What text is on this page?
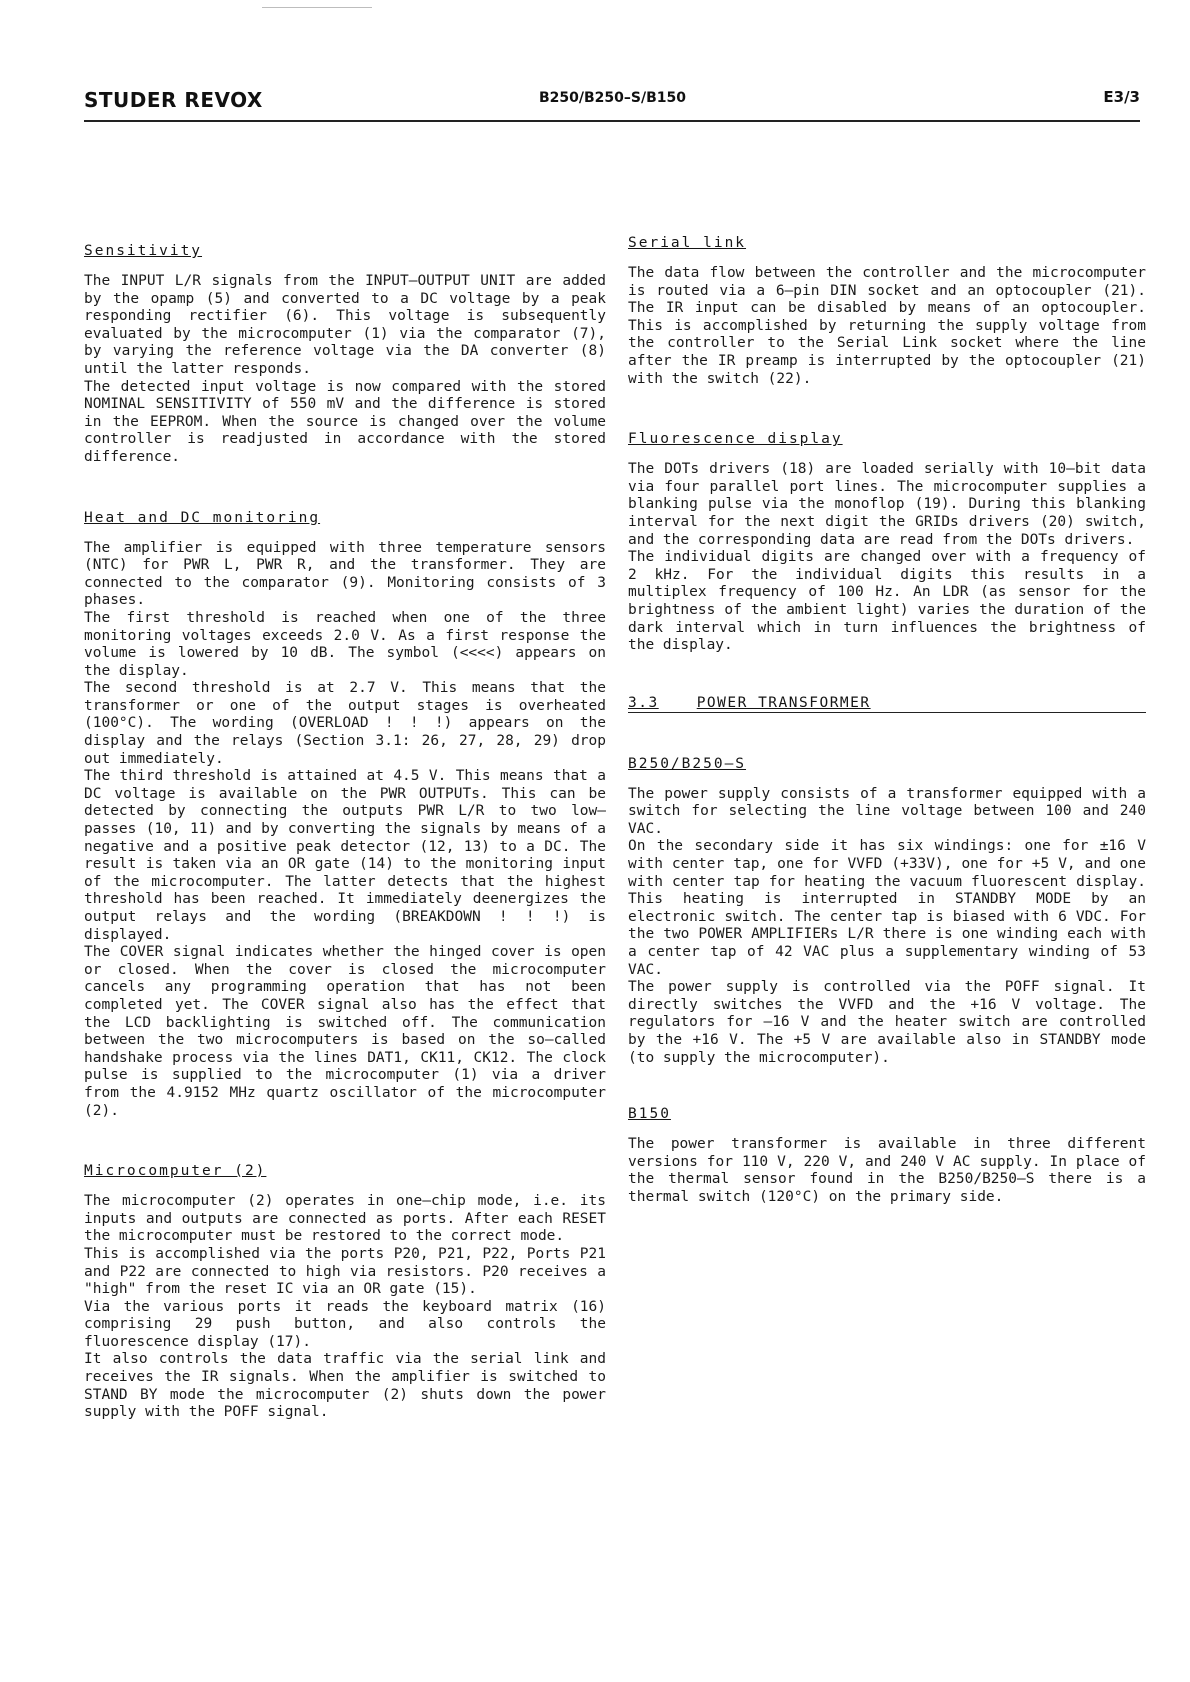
STUDER REVOX	B250/B250–S/B150	E3/3
Sensitivity

The INPUT L/R signals from the INPUT–OUTPUT UNIT are added by the opamp (5) and converted to a DC voltage by a peak responding rectifier (6). This voltage is subsequently evaluated by the microcomputer (1) via the comparator (7), by varying the reference voltage via the DA converter (8) until the latter responds.

The detected input voltage is now compared with the stored NOMINAL SENSITIVITY of 550 mV and the difference is stored in the EEPROM. When the source is changed over the volume controller is readjusted in accordance with the stored difference.

Heat and DC monitoring

The amplifier is equipped with three temperature sensors (NTC) for PWR L, PWR R, and the transformer. They are connected to the comparator (9). Monitoring consists of 3 phases.

The first threshold is reached when one of the three monitoring voltages exceeds 2.0 V. As a first response the volume is lowered by 10 dB. The symbol (<<<<) appears on the display.

The second threshold is at 2.7 V. This means that the transformer or one of the output stages is overheated (100°C). The wording (OVERLOAD ! ! !) appears on the display and the relays (Section 3.1: 26, 27, 28, 29) drop out immediately.

The third threshold is attained at 4.5 V. This means that a DC voltage is available on the PWR OUTPUTs. This can be detected by connecting the outputs PWR L/R to two low–passes (10, 11) and by converting the signals by means of a negative and a positive peak detector (12, 13) to a DC. The result is taken via an OR gate (14) to the monitoring input of the microcomputer. The latter detects that the highest threshold has been reached. It immediately deenergizes the output relays and the wording (BREAKDOWN ! ! !) is displayed.

The COVER signal indicates whether the hinged cover is open or closed. When the cover is closed the microcomputer cancels any programming operation that has not been completed yet. The COVER signal also has the effect that the LCD backlighting is switched off. The communication between the two microcomputers is based on the so–called handshake process via the lines DAT1, CK11, CK12. The clock pulse is supplied to the microcomputer (1) via a driver from the 4.9152 MHz quartz oscillator of the microcomputer (2).

Microcomputer (2)

The microcomputer (2) operates in one–chip mode, i.e. its inputs and outputs are connected as ports. After each RESET the microcomputer must be restored to the correct mode.

This is accomplished via the ports P20, P21, P22, Ports P21 and P22 are connected to high via resistors. P20 receives a "high" from the reset IC via an OR gate (15).

Via the various ports it reads the keyboard matrix (16) comprising 29 push button, and also controls the fluorescence display (17).

It also controls the data traffic via the serial link and receives the IR signals. When the amplifier is switched to STAND BY mode the microcomputer (2) shuts down the power supply with the POFF signal.

Serial link

The data flow between the controller and the microcomputer is routed via a 6–pin DIN socket and an optocoupler (21). The IR input can be disabled by means of an optocoupler. This is accomplished by returning the supply voltage from the controller to the Serial Link socket where the line after the IR preamp is interrupted by the optocoupler (21) with the switch (22).

Fluorescence display

The DOTs drivers (18) are loaded serially with 10–bit data via four parallel port lines. The microcomputer supplies a blanking pulse via the monoflop (19). During this blanking interval for the next digit the GRIDs drivers (20) switch, and the corresponding data are read from the DOTs drivers.

The individual digits are changed over with a frequency of 2 kHz. For the individual digits this results in a multiplex frequency of 100 Hz. An LDR (as sensor for the brightness of the ambient light) varies the duration of the dark interval which in turn influences the brightness of the display.

3.3	POWER TRANSFORMER
B250/B250–S

The power supply consists of a transformer equipped with a switch for selecting the line voltage between 100 and 240 VAC.

On the secondary side it has six windings: one for ±16 V with center tap, one for VVFD (+33V), one for +5 V, and one with center tap for heating the vacuum fluorescent display. This heating is interrupted in STANDBY MODE by an electronic switch. The center tap is biased with 6 VDC. For the two POWER AMPLIFIERs L/R there is one winding each with a center tap of 42 VAC plus a supplementary winding of 53 VAC.

The power supply is controlled via the POFF signal. It directly switches the VVFD and the +16 V voltage. The regulators for –16 V and the heater switch are controlled by the +16 V. The +5 V are available also in STANDBY mode (to supply the microcomputer).

B150

The power transformer is available in three different versions for 110 V, 220 V, and 240 V AC supply. In place of the thermal sensor found in the B250/B250–S there is a thermal switch (120°C) on the primary side.
